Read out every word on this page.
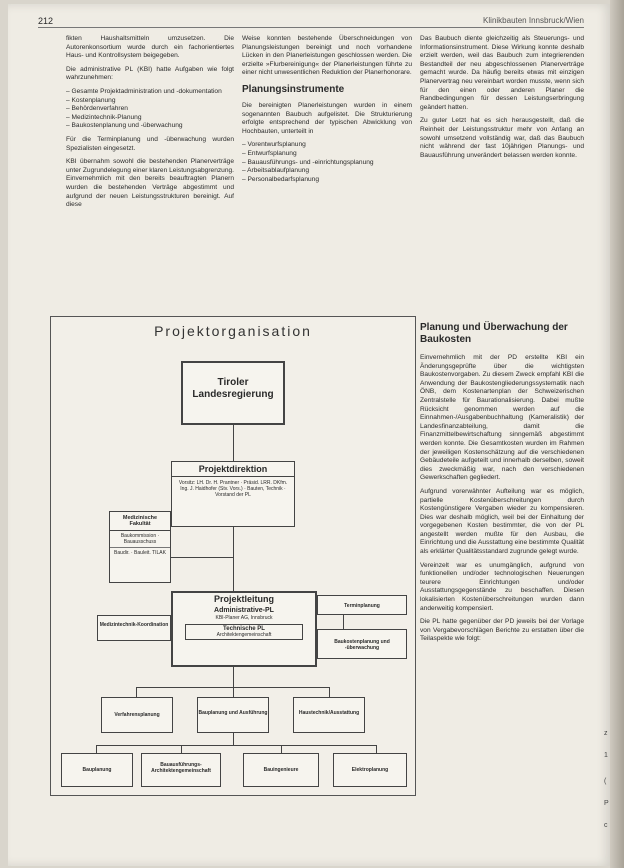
212	Klinikbauten Innsbruck/Wien

fikten Haushaltsmitteln umzusetzen. Die Autorenkonsortium wurde durch ein fachorientiertes Haus- und Kontrollsystem beigegeben.

Die administrative PL (KBI) hatte Aufgaben wie folgt wahrzunehmen:

– Gesamte Projektadministration und -dokumentation
– Kostenplanung
– Behördenverfahren
– Medizintechnik-Planung
– Baukostenplanung und -überwachung

Für die Terminplanung und -überwachung wurden Spezialisten eingesetzt.

KBI übernahm sowohl die bestehenden Planerverträge unter Zugrundelegung einer klaren Leistungsabgrenzung. Einvernehmlich mit den bereits beauftragten Planern wurden die bestehenden Verträge abgestimmt und aufgrund der neuen Leistungsstrukturen bereinigt. Auf diese

Weise konnten bestehende Überschneidungen von Planungsleistungen bereinigt und noch vorhandene Lücken in den Planerleistungen geschlossen werden. Die erzielte »Flurbereinigung« der Planerleistungen führte zu einer nicht unwesentlichen Reduktion der Planerhonorare.

Planungsinstrumente

Die bereinigten Planerleistungen wurden in einem sogenannten Baubuch aufgelistet. Die Strukturierung erfolgte entsprechend der typischen Abwicklung von Hochbauten, unterteilt in

– Vorentwurfsplanung
– Entwurfsplanung
– Bauausführungs- und -einrichtungsplanung
– Arbeitsablaufplanung
– Personalbedarfsplanung

Das Baubuch diente gleichzeitig als Steuerungs- und Informationsinstrument. Diese Wirkung konnte deshalb erzielt werden, weil das Baubuch zum integrierenden Bestandteil der neu abgeschlossenen Planerverträge gemacht wurde. Da häufig bereits etwas mit einzigen Planervertrag neu vereinbart worden musste, wenn sich für den einen oder anderen Planer die Randbedingungen für dessen Leistungserbringung geändert hatten.

Zu guter Letzt hat es sich herausgestellt, daß die Reinheit der Leistungsstruktur mehr von Anfang an sowohl umsetzend vollständig war, daß das Baubuch nicht während der fast 10jährigen Planungs- und Bauausführung unverändert belassen werden konnte.

Planung und Überwachung der Baukosten

Einvernehmlich mit der PD erstellte KBI ein Änderungsgeprüfte über die wichtigsten Baukostenvorgaben. Zu diesem Zweck empfahl KBI die Anwendung der Baukostengliederungssystematik nach ÖNB, dem Kostenartenplan der Schweizerischen Zentralstelle für Baurationalisierung. Dabei mußte Rücksicht genommen werden auf die Einnahmen-/Ausgabenbuchhaltung (Kameralistik) der Landesfinanzabteilung, damit die Finanzmittelbewirtschaftung sinngemäß abgestimmt werden konnte. Die Gesamtkosten wurden im Rahmen der jeweiligen Kostenschätzung auf die verschiedenen Gebäudeteile aufgeteilt und innerhalb derselben, soweit dies zweckmäßig war, nach den verschiedenen Gewerkschaften gegliedert.

Aufgrund vorerwähnter Aufteilung war es möglich, partielle Kostenüberschreitungen durch Kostengünstigere Vergaben wieder zu kompensieren. Dies war deshalb möglich, weil bei der Einhaltung der vorgegebenen Kosten bestimmter, die von der PL angestellt werden mußte für den Ausbau, die Einrichtung und die Ausstattung eine bestimmte Qualität als erklärter Qualitätsstandard zugrunde gelegt wurde.

Vereinzelt war es unumgänglich, aufgrund von funktionellen und/oder technologischen Neuerungen teurere Einrichtungen und/oder Ausstattungsgegenstände zu beschaffen. Diesen lokalisierten Kostenüberschreitungen wurden dann anderweitig kompensiert.

Die PL hatte gegenüber der PD jeweils bei der Vorlage von Vergabevorschlägen Berichte zu erstatten über die Teilaspekte wie folgt:

Projektorganisation
Tiroler Landesregierung
Projektdirektion
Vorsitz: LH. Dr. H. Prantner · Präsid. LRR. DKfm. Ing. J. Haidhofer (Stv. Vors.) · Bauten, Technik · Vorstand der PL
Medizinische Fakultät
Baukommission · Bauausschuss
Baudir. · Bauleit. TILAK
Medizintechnik-Koordination
Projektleitung
Administrative-PL
KBI-Planer AG, Innsbruck
Technische PL
Architektengemeinschaft
Terminplanung
Baukostenplanung und -überwachung
Verfahrensplanung	Bauplanung und Ausführung	Haustechnik/Ausstattung
Bauplanung
Bauausführungs-Architektengemeinschaft	Bauingenieure	Elektroplanung
z
1
(
P
c
